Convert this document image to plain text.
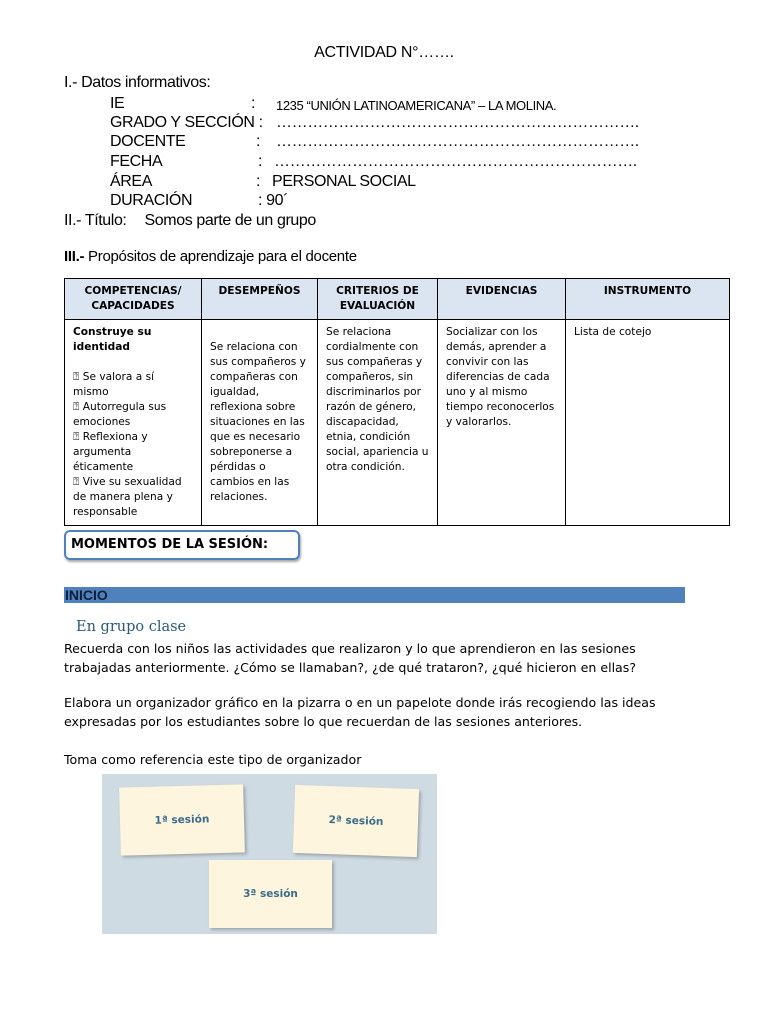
ACTIVIDAD N°…….
I.- Datos informativos:
IE	: 1235 “UNIÓN LATINOAMERICANA” – LA MOLINA.
GRADO Y SECCIÓN : …………………………………………………………….
DOCENTE	: …………………………………………………………….
FECHA	: …………………………………………………………….
ÁREA	: PERSONAL SOCIAL
DURACIÓN	: 90´
II.- Título: Somos parte de un grupo
III.- Propósitos de aprendizaje para el docente
COMPETENCIAS/ CAPACIDADES	DESEMPEÑOS	CRITERIOS DE EVALUACIÓN	EVIDENCIAS	INSTRUMENTO

Construye su identidad
⍰ Se valora a sí mismo
⍰ Autorregula sus emociones
⍰ Reflexiona y argumenta éticamente
⍰ Vive su sexualidad de manera plena y responsable	Se relaciona con sus compañeros y compañeras con igualdad, reflexiona sobre situaciones en las que es necesario sobreponerse a pérdidas o cambios en las relaciones.	Se relaciona cordialmente con sus compañeras y compañeros, sin discriminarlos por razón de género, discapacidad, etnia, condición social, apariencia u otra condición.	Socializar con los demás, aprender a convivir con las diferencias de cada uno y al mismo tiempo reconocerlos y valorarlos.	Lista de cotejo
MOMENTOS DE LA SESIÓN:
INICIO
En grupo clase
Recuerda con los niños las actividades que realizaron y lo que aprendieron en las sesiones trabajadas anteriormente. ¿Cómo se llamaban?, ¿de qué trataron?, ¿qué hicieron en ellas?
Elabora un organizador gráfico en la pizarra o en un papelote donde irás recogiendo las ideas expresadas por los estudiantes sobre lo que recuerdan de las sesiones anteriores.
Toma como referencia este tipo de organizador
1ª sesión	2ª sesión
3ª sesión
